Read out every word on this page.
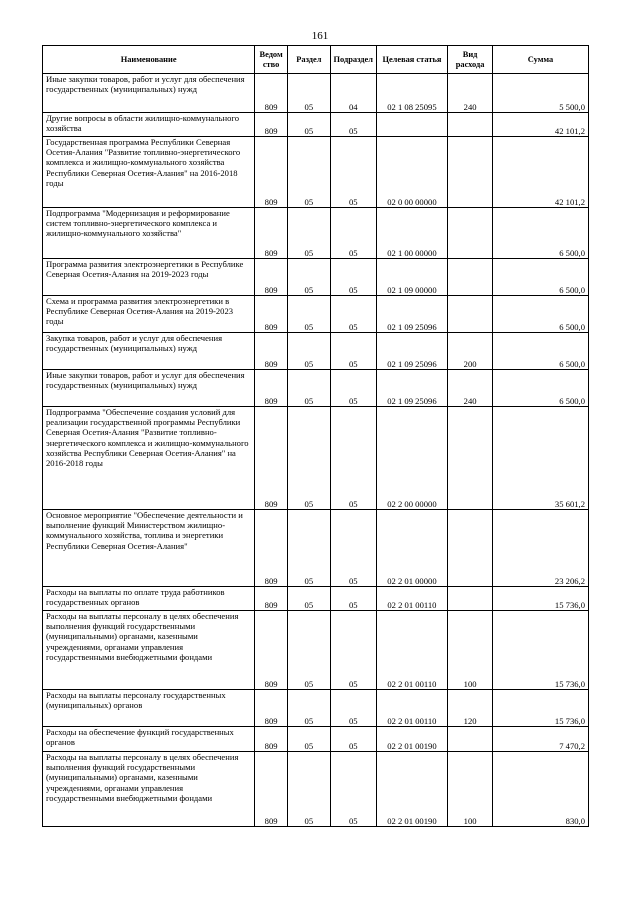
161
Наименование	Ведом ство	Раздел	Подраздел	Целевая статья	Вид расхода	Сумма
Иные закупки товаров, работ и услуг для обеспечения государственных (муниципальных) нужд	809	05	04	02 1 08 25095	240	5 500,0
Другие вопросы в области жилищно-коммунального хозяйства	809	05	05			42 101,2
Государственная программа Республики Северная Осетия-Алания "Развитие топливно-энергетического комплекса и жилищно-коммунального хозяйства Республики Северная Осетия-Алания" на 2016-2018 годы	809	05	05	02 0 00 00000		42 101,2
Подпрограмма "Модернизация и реформирование систем топливно-энергетического комплекса и жилищно-коммунального хозяйства"	809	05	05	02 1 00 00000		6 500,0
Программа развития электроэнергетики в Республике Северная Осетия-Алания на 2019-2023 годы	809	05	05	02 1 09 00000		6 500,0
Схема и программа развития электроэнергетики в Республике Северная Осетия-Алания на 2019-2023 годы	809	05	05	02 1 09 25096		6 500,0
Закупка товаров, работ и услуг для обеспечения государственных (муниципальных) нужд	809	05	05	02 1 09 25096	200	6 500,0
Иные закупки товаров, работ и услуг для обеспечения государственных (муниципальных) нужд	809	05	05	02 1 09 25096	240	6 500,0
Подпрограмма "Обеспечение создания условий для реализации государственной программы Республики Северная Осетия-Алания "Развитие топливно-энергетического комплекса и жилищно-коммунального хозяйства Республики Северная Осетия-Алания" на 2016-2018 годы	809	05	05	02 2 00 00000		35 601,2
Основное мероприятие "Обеспечение деятельности и выполнение функций Министерством жилищно-коммунального хозяйства, топлива и энергетики Республики Северная Осетия-Алания"	809	05	05	02 2 01 00000		23 206,2
Расходы на выплаты по оплате труда работников государственных органов	809	05	05	02 2 01 00110		15 736,0
Расходы на выплаты персоналу в целях обеспечения выполнения функций государственными (муниципальными) органами, казенными учреждениями, органами управления государственными внебюджетными фондами	809	05	05	02 2 01 00110	100	15 736,0
Расходы на выплаты персоналу государственных (муниципальных) органов	809	05	05	02 2 01 00110	120	15 736,0
Расходы на обеспечение функций государственных органов	809	05	05	02 2 01 00190		7 470,2
Расходы на выплаты персоналу в целях обеспечения выполнения функций государственными (муниципальными) органами, казенными учреждениями, органами управления государственными внебюджетными фондами	809	05	05	02 2 01 00190	100	830,0
